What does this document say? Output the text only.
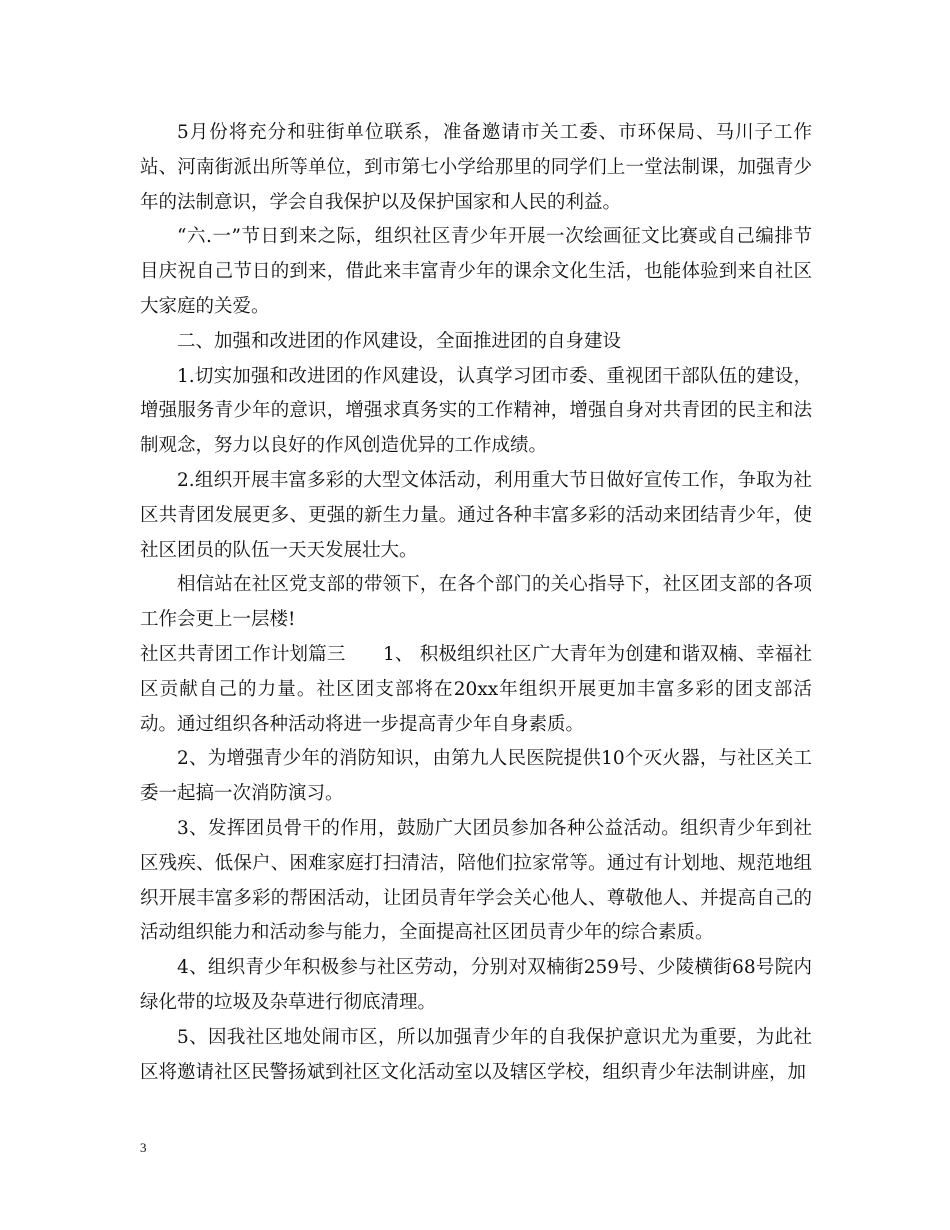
5月份将充分和驻街单位联系，准备邀请市关工委、市环保局、马川子工作站、河南街派出所等单位，到市第七小学给那里的同学们上一堂法制课，加强青少年的法制意识，学会自我保护以及保护国家和人民的利益。

“六.一”节日到来之际，组织社区青少年开展一次绘画征文比赛或自己编排节目庆祝自己节日的到来，借此来丰富青少年的课余文化生活，也能体验到来自社区大家庭的关爱。

二、加强和改进团的作风建设，全面推进团的自身建设

1.切实加强和改进团的作风建设，认真学习团市委、重视团干部队伍的建设，增强服务青少年的意识，增强求真务实的工作精神，增强自身对共青团的民主和法制观念，努力以良好的作风创造优异的工作成绩。

2.组织开展丰富多彩的大型文体活动，利用重大节日做好宣传工作，争取为社区共青团发展更多、更强的新生力量。通过各种丰富多彩的活动来团结青少年，使社区团员的队伍一天天发展壮大。

相信站在社区党支部的带领下，在各个部门的关心指导下，社区团支部的各项工作会更上一层楼!

社区共青团工作计划篇三　　1、 积极组织社区广大青年为创建和谐双楠、幸福社区贡献自己的力量。社区团支部将在20xx年组织开展更加丰富多彩的团支部活动。通过组织各种活动将进一步提高青少年自身素质。

2、为增强青少年的消防知识，由第九人民医院提供10个灭火器，与社区关工委一起搞一次消防演习。

3、发挥团员骨干的作用，鼓励广大团员参加各种公益活动。组织青少年到社区残疾、低保户、困难家庭打扫清洁，陪他们拉家常等。通过有计划地、规范地组织开展丰富多彩的帮困活动，让团员青年学会关心他人、尊敬他人、并提高自己的活动组织能力和活动参与能力，全面提高社区团员青少年的综合素质。

4、组织青少年积极参与社区劳动，分别对双楠街259号、少陵横街68号院内绿化带的垃圾及杂草进行彻底清理。

5、因我社区地处闹市区，所以加强青少年的自我保护意识尤为重要，为此社区将邀请社区民警扬斌到社区文化活动室以及辖区学校，组织青少年法制讲座，加

3
